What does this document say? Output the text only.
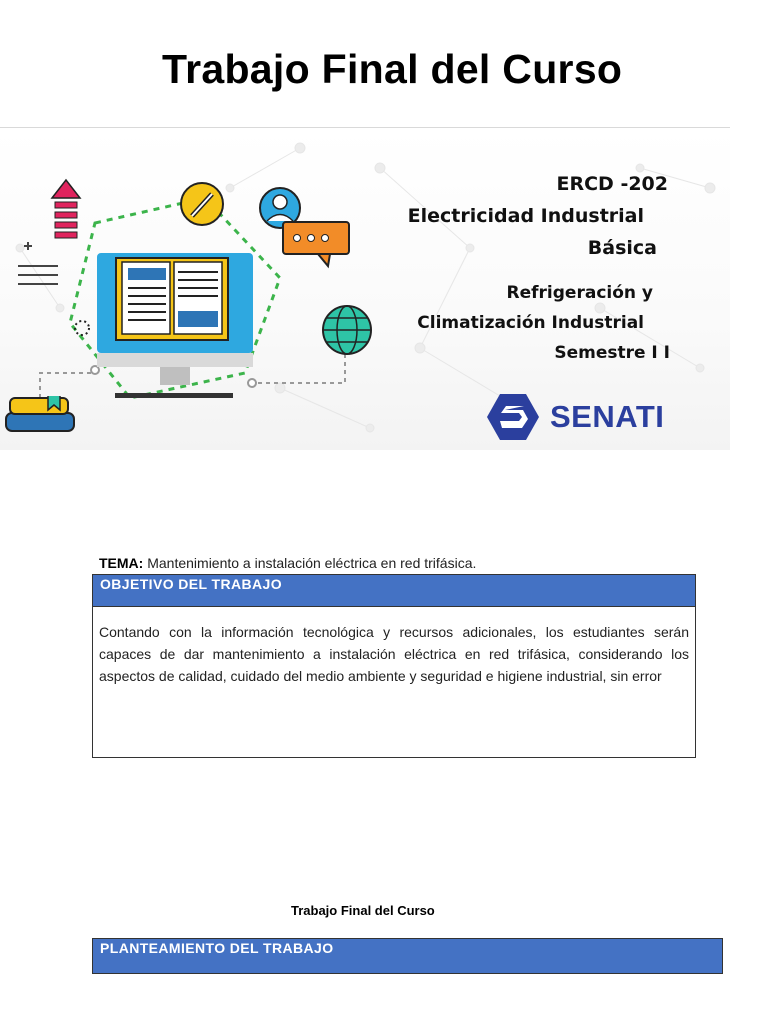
Trabajo Final del Curso
ERCD -202
Electricidad Industrial
Básica
Refrigeración y
Climatización Industrial
Semestre I I
SENATI
TEMA: Mantenimiento a instalación eléctrica en red trifásica.
OBJETIVO DEL TRABAJO
Contando con la información tecnológica y recursos adicionales, los estudiantes serán capaces de dar mantenimiento a instalación eléctrica en red trifásica, considerando los aspectos de calidad, cuidado del medio ambiente y seguridad e higiene industrial, sin error
Trabajo Final del Curso
PLANTEAMIENTO DEL TRABAJO
